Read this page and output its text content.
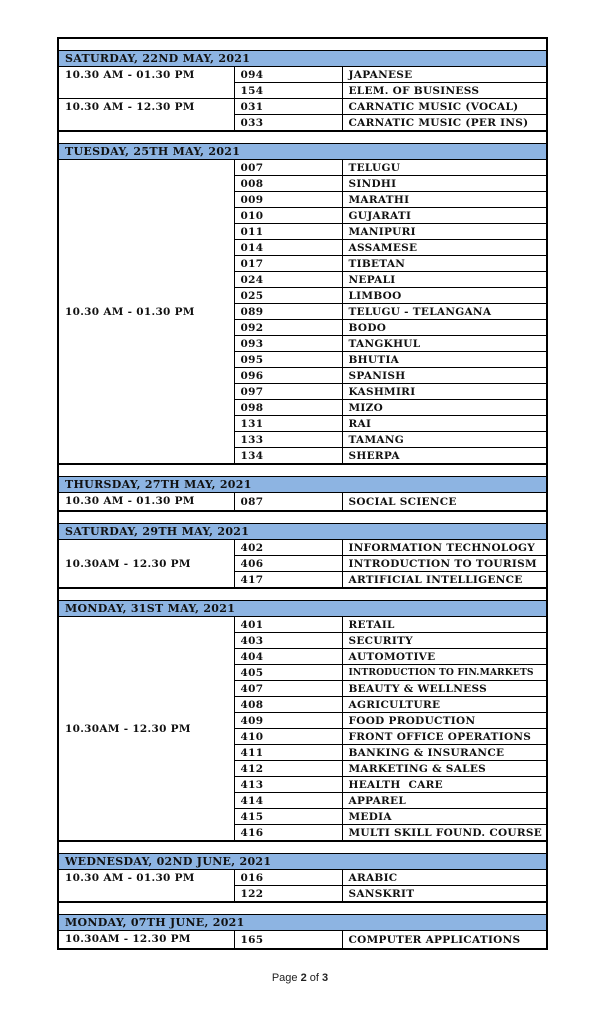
SATURDAY, 22ND MAY, 2021		
10.30 AM - 01.30 PM	094	JAPANESE
	154	ELEM. OF BUSINESS
10.30 AM - 12.30 PM	031	CARNATIC MUSIC (VOCAL)
	033	CARNATIC MUSIC (PER INS)

TUESDAY, 25TH MAY, 2021		
10.30 AM - 01.30 PM	007	TELUGU
	008	SINDHI
	009	MARATHI
	010	GUJARATI
	011	MANIPURI
	014	ASSAMESE
	017	TIBETAN
	024	NEPALI
	025	LIMBOO
	089	TELUGU - TELANGANA
	092	BODO
	093	TANGKHUL
	095	BHUTIA
	096	SPANISH
	097	KASHMIRI
	098	MIZO
	131	RAI
	133	TAMANG
	134	SHERPA

THURSDAY, 27TH MAY, 2021		
10.30 AM - 01.30 PM	087	SOCIAL SCIENCE

SATURDAY, 29TH MAY, 2021		
10.30AM - 12.30 PM	402	INFORMATION TECHNOLOGY
	406	INTRODUCTION TO TOURISM
	417	ARTIFICIAL INTELLIGENCE

MONDAY, 31ST MAY, 2021		
10.30AM - 12.30 PM	401	RETAIL
	403	SECURITY
	404	AUTOMOTIVE
	405	INTRODUCTION TO FIN.MARKETS
	407	BEAUTY & WELLNESS
	408	AGRICULTURE
	409	FOOD PRODUCTION
	410	FRONT OFFICE OPERATIONS
	411	BANKING & INSURANCE
	412	MARKETING & SALES
	413	HEALTH  CARE
	414	APPAREL
	415	MEDIA
	416	MULTI SKILL FOUND. COURSE

WEDNESDAY, 02ND JUNE, 2021		
10.30 AM - 01.30 PM	016	ARABIC
	122	SANSKRIT

MONDAY, 07TH JUNE, 2021		
10.30AM - 12.30 PM	165	COMPUTER APPLICATIONS
Page 2 of 3
